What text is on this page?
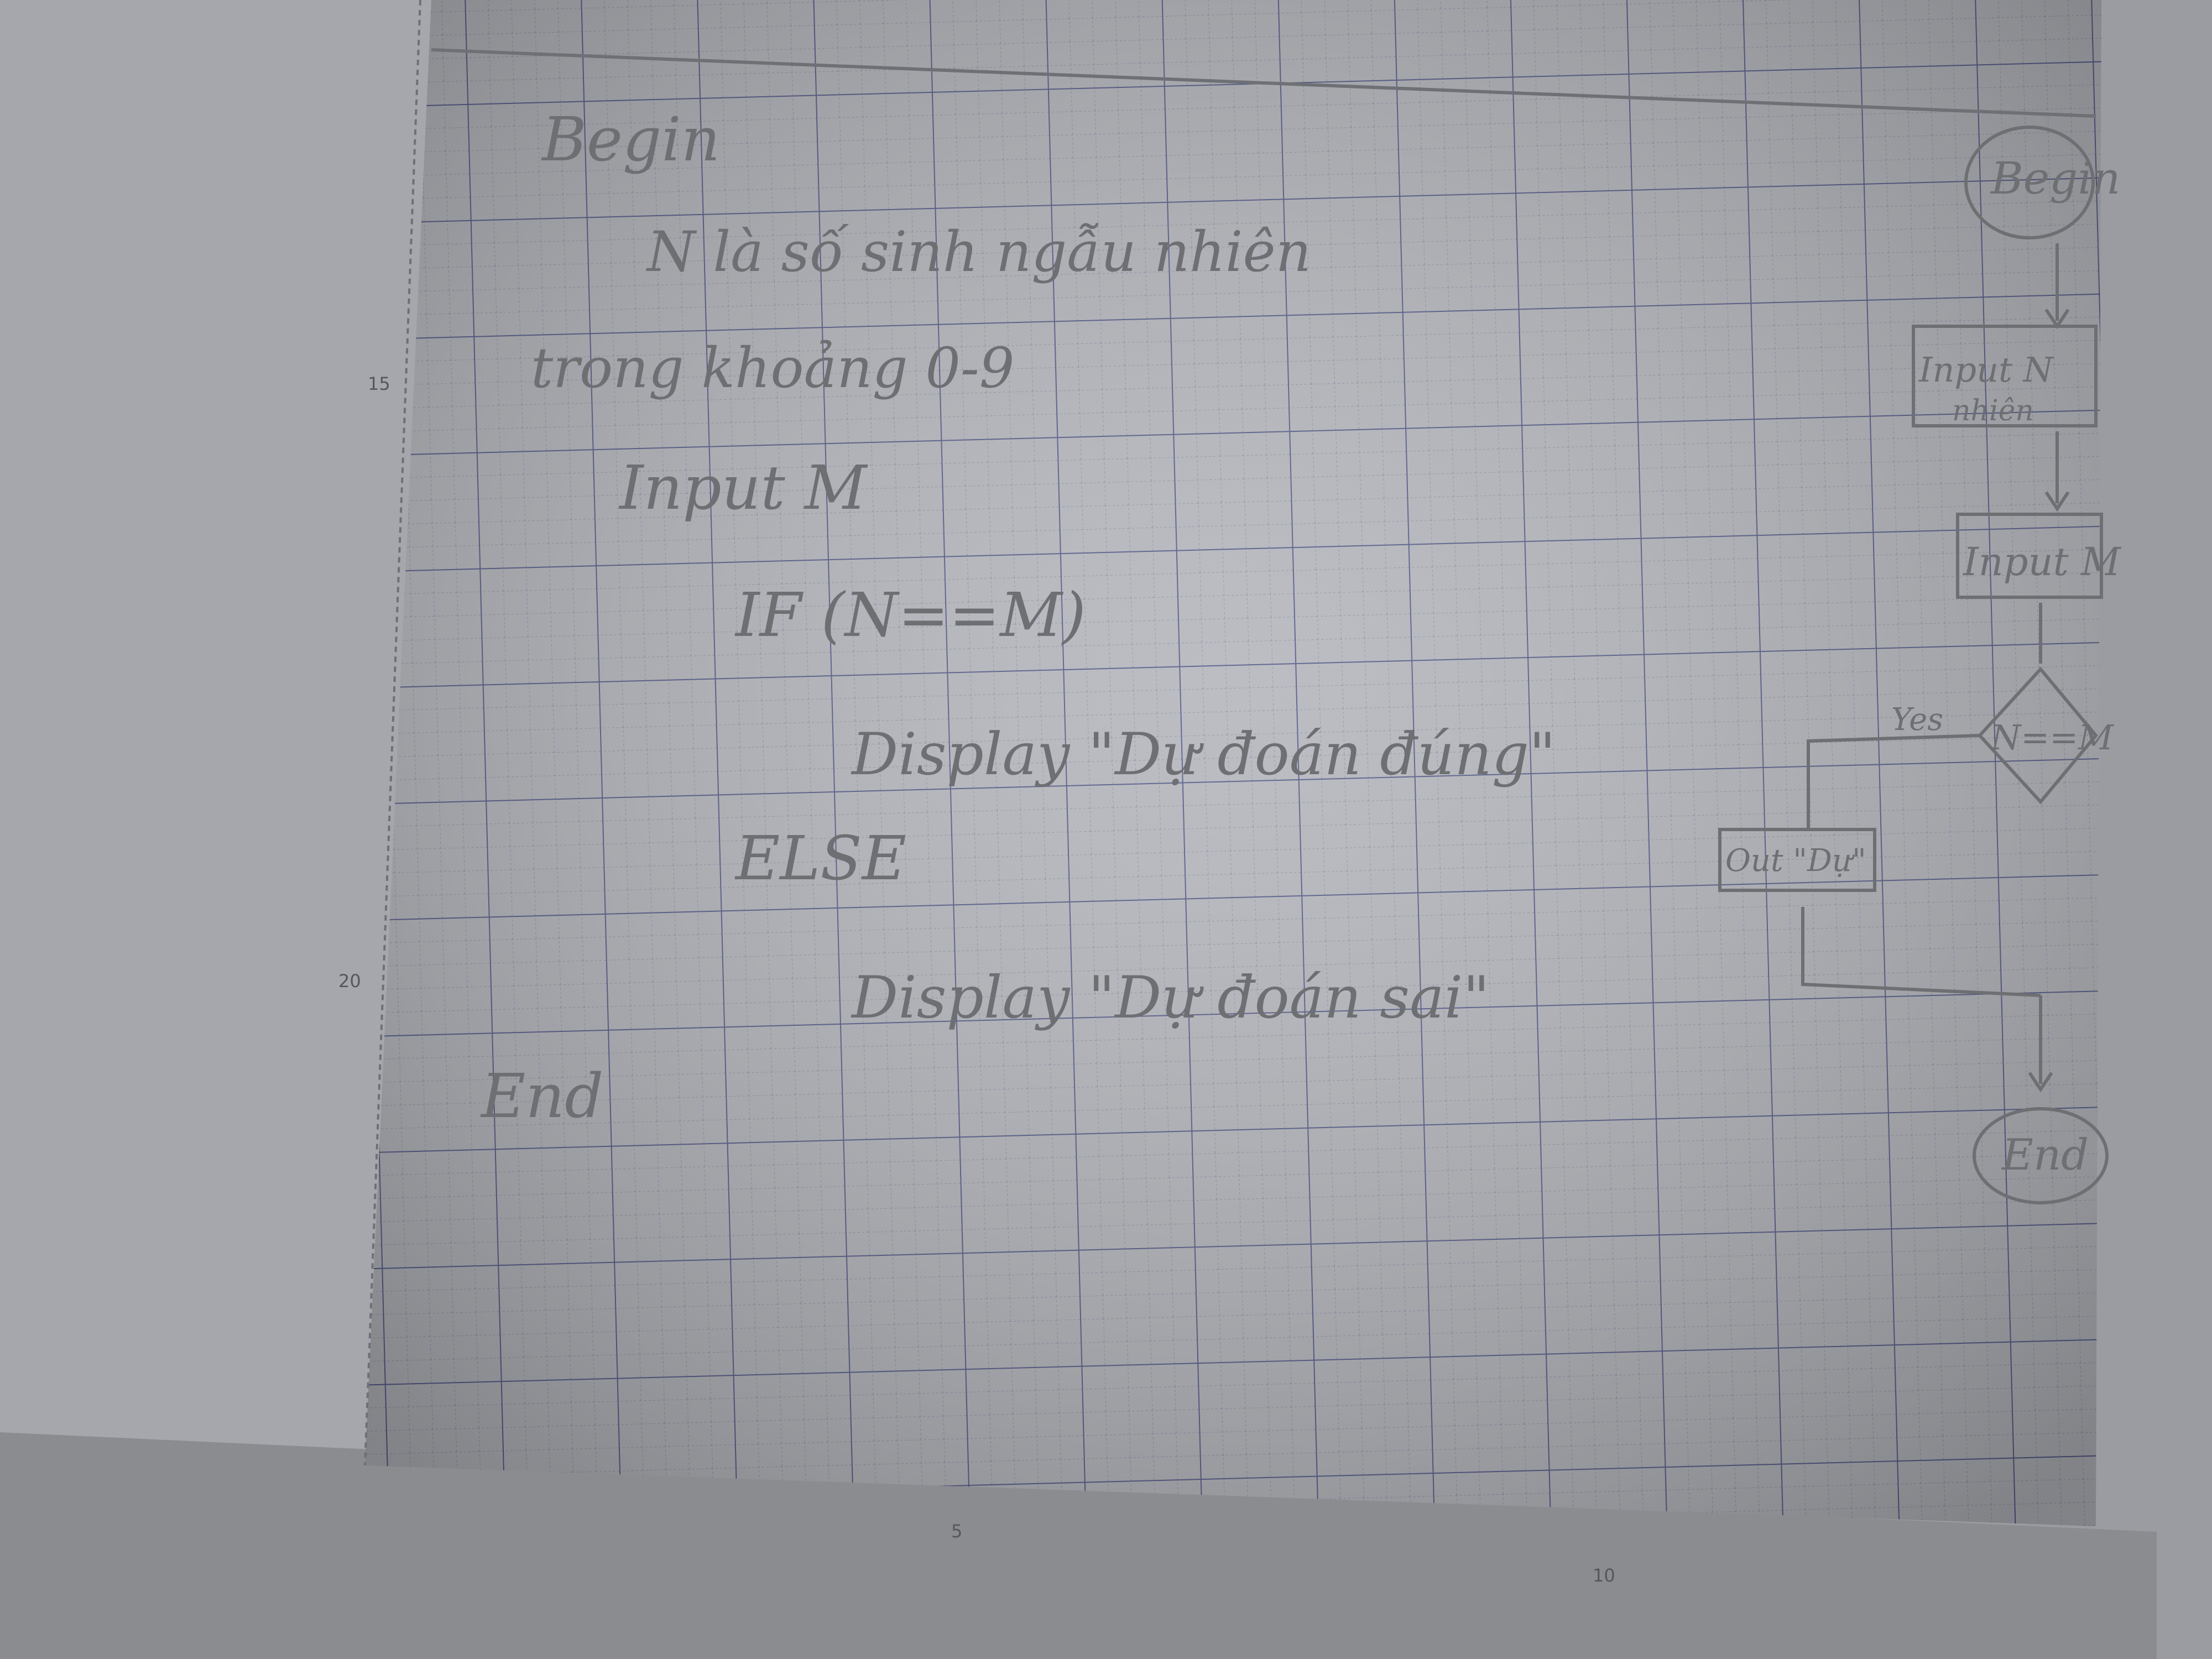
15
20
5
10
Begin
N là số sinh ngẫu nhiên
trong khoảng 0-9
Input M
IF (N==M)
Display "Dự đoán đúng"
ELSE
Display "Dự đoán sai"
End
Begin
Input N
nhiên
Input M
N==M
Yes
Out "Dự"
End
